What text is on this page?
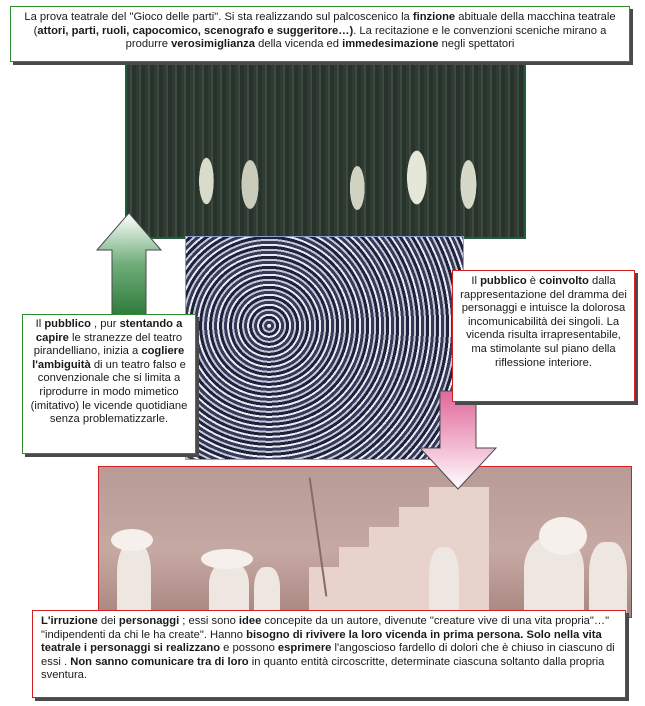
La prova teatrale del "Gioco delle parti". Si sta realizzando sul palcoscenico la finzione abituale della macchina teatrale (attori, parti, ruoli, capocomico, scenografo e suggeritore…). La recitazione e le convenzioni sceniche mirano a produrre verosimiglianza della vicenda ed immedesimazione negli spettatori
Il pubblico , pur stentando a capire le stranezze del teatro pirandelliano, inizia a cogliere l'ambiguità di un teatro falso e convenzionale che si limita a riprodurre in modo mimetico (imitativo) le vicende quotidiane senza problematizzarle.
Il pubblico è coinvolto dalla rappresentazione del dramma dei personaggi e intuisce la dolorosa incomunicabilità dei singoli. La vicenda risulta irrapresentabile, ma stimolante sul piano della riflessione interiore.
L'irruzione dei personaggi ; essi sono idee concepite da un autore, divenute "creature vive di una vita propria"…" "indipendenti da chi le ha create". Hanno bisogno di rivivere la loro vicenda in prima persona. Solo nella vita teatrale i personaggi si realizzano e possono esprimere l'angoscioso fardello di dolori che è chiuso in ciascuno di essi . Non sanno comunicare tra di loro in quanto entità circoscritte, determinate ciascuna soltanto dalla propria sventura.
